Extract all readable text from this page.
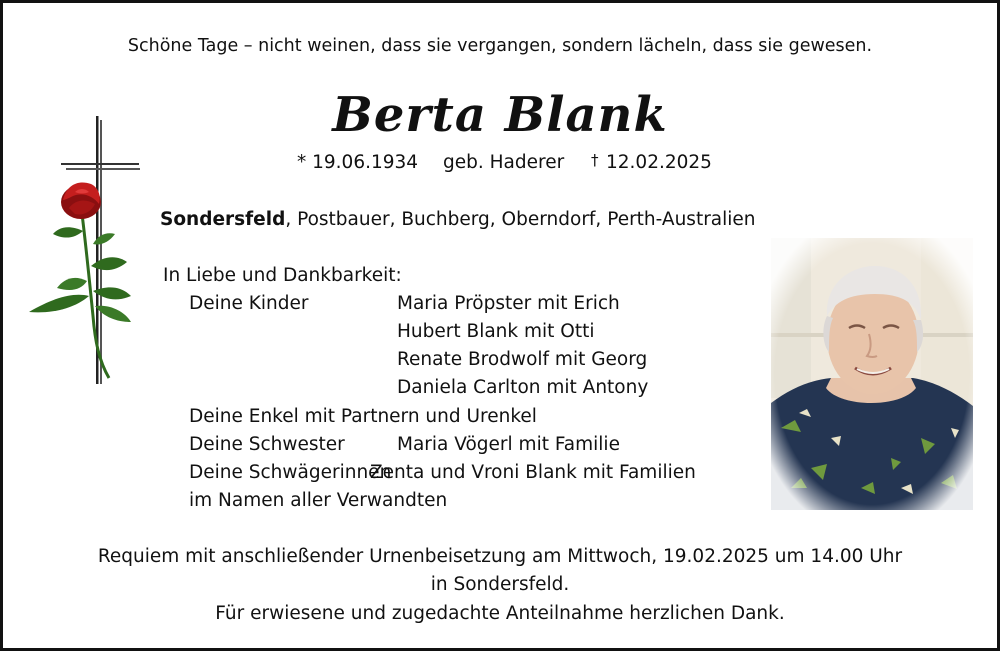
Schöne Tage – nicht weinen, dass sie vergangen, sondern lächeln, dass sie gewesen.
Berta Blank
* 19.06.1934 geb. Haderer † 12.02.2025
Sondersfeld, Postbauer, Buchberg, Oberndorf, Perth-Australien
In Liebe und Dankbarkeit:
Deine Kinder	Maria Pröpster mit Erich
Hubert Blank mit Otti
Renate Brodwolf mit Georg
Daniela Carlton mit Antony
Deine Enkel mit Partnern und Urenkel
Deine Schwester	Maria Vögerl mit Familie
Deine Schwägerinnen
Zenta und Vroni Blank mit Familien
im Namen aller Verwandten
Requiem mit anschließender Urnenbeisetzung am Mittwoch, 19.02.2025 um 14.00 Uhr
in Sondersfeld.
Für erwiesene und zugedachte Anteilnahme herzlichen Dank.
